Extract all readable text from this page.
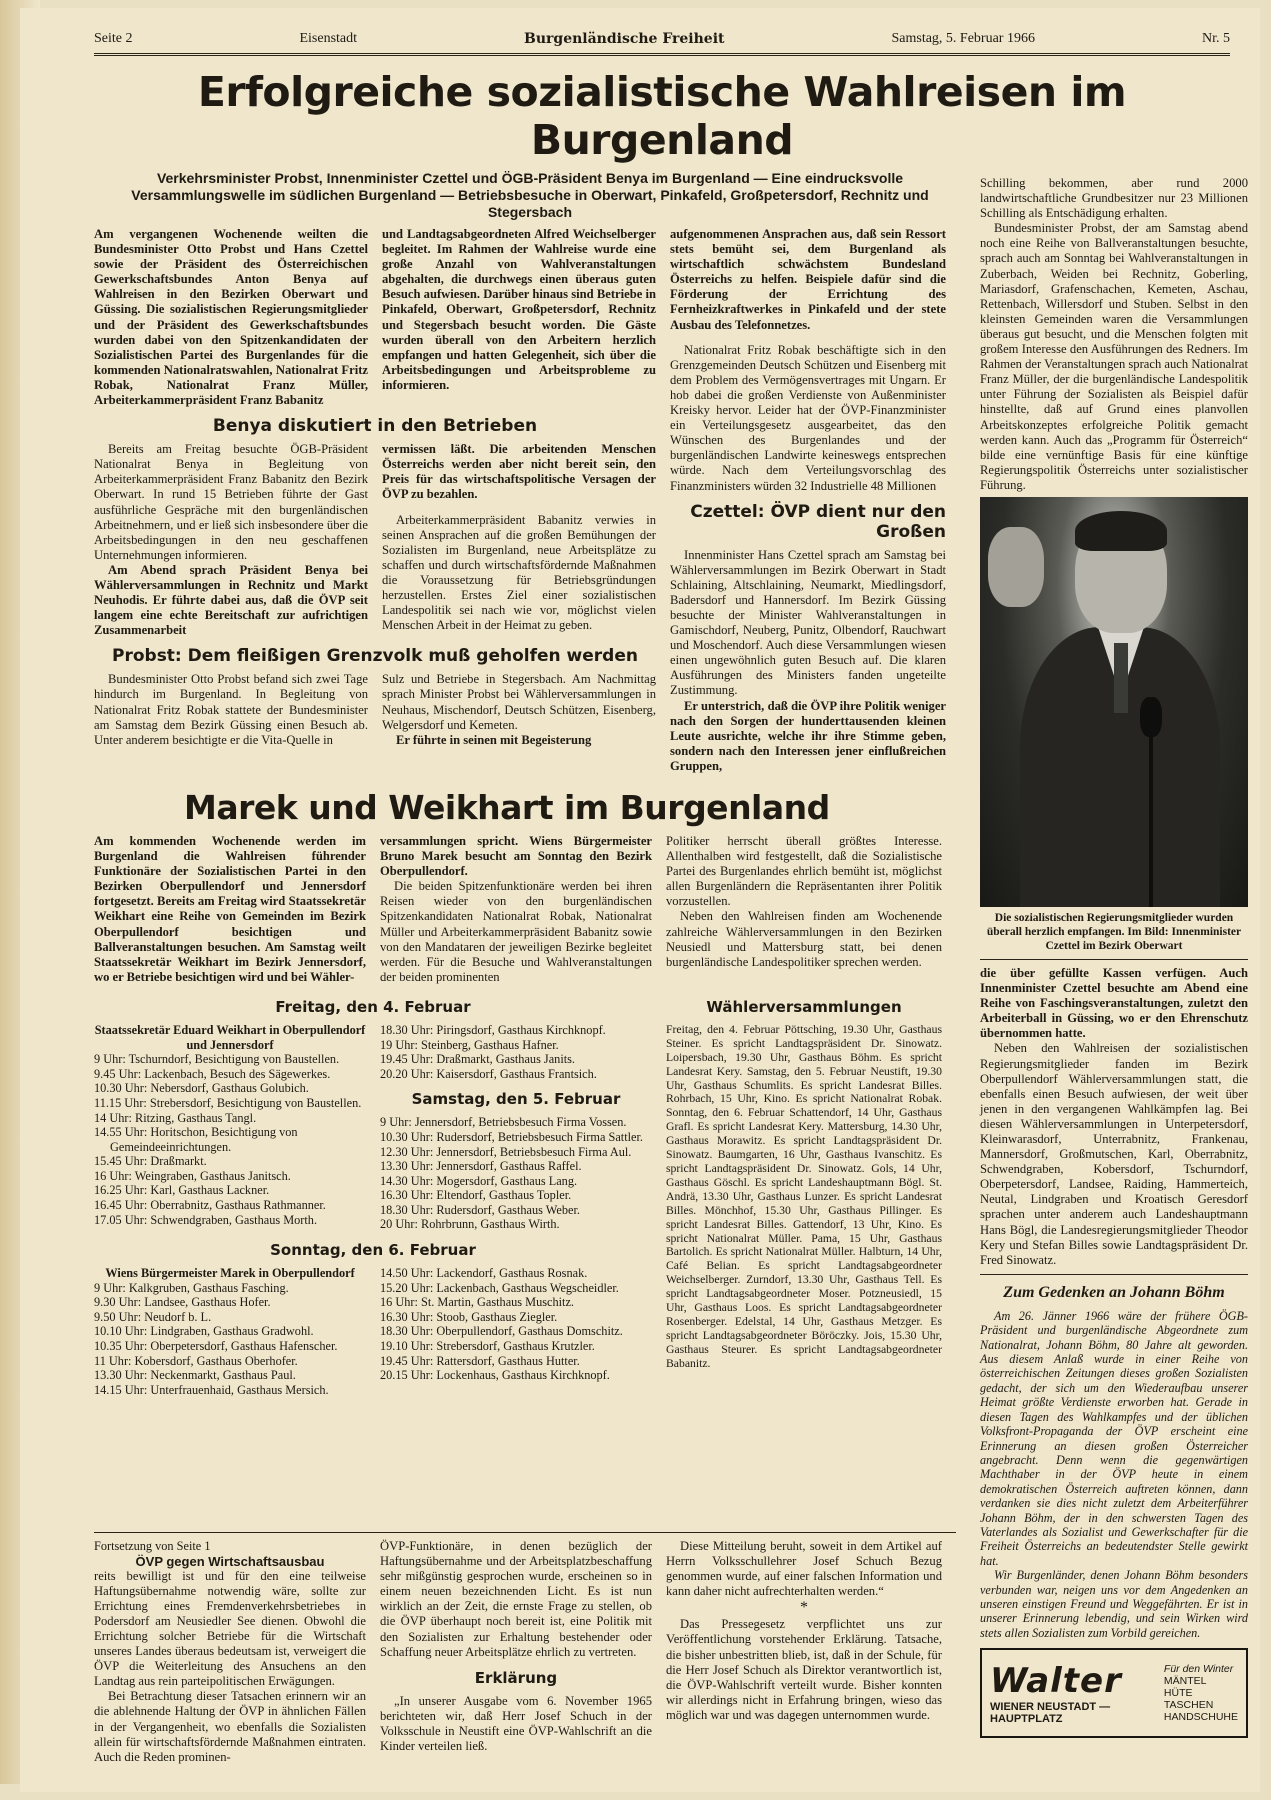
Seite 2	Eisenstadt	Burgenländische Freiheit	Samstag, 5. Februar 1966	Nr. 5
Erfolgreiche sozialistische Wahlreisen im Burgenland
Verkehrsminister Probst, Innenminister Czettel und ÖGB-Präsident Benya im Burgenland — Eine eindrucksvolle Versammlungswelle im südlichen Burgenland — Betriebsbesuche in Oberwart, Pinkafeld, Großpetersdorf, Rechnitz und Stegersbach
Am vergangenen Wochenende weilten die Bundesminister Otto Probst und Hans Czettel sowie der Präsident des Österreichischen Gewerkschaftsbundes Anton Benya auf Wahlreisen in den Bezirken Oberwart und Güssing. Die sozialistischen Regierungsmitglieder und der Präsident des Gewerkschaftsbundes wurden dabei von den Spitzenkandidaten der Sozialistischen Partei des Burgenlandes für die kommenden Nationalratswahlen, Nationalrat Fritz Robak, Nationalrat Franz Müller, Arbeiterkammerpräsident Franz Babanitz
und Landtagsabgeordneten Alfred Weichselberger begleitet. Im Rahmen der Wahlreise wurde eine große Anzahl von Wahlveranstaltungen abgehalten, die durchwegs einen überaus guten Besuch aufwiesen. Darüber hinaus sind Betriebe in Pinkafeld, Oberwart, Großpetersdorf, Rechnitz und Stegersbach besucht worden. Die Gäste wurden überall von den Arbeitern herzlich empfangen und hatten Gelegenheit, sich über die Arbeitsbedingungen und Arbeitsprobleme zu informieren.
Benya diskutiert in den Betrieben

Bereits am Freitag besuchte ÖGB-Präsident Nationalrat Benya in Begleitung von Arbeiterkammerpräsident Franz Babanitz den Bezirk Oberwart. In rund 15 Betrieben führte der Gast ausführliche Gespräche mit den burgenländischen Arbeitnehmern, und er ließ sich insbesondere über die Arbeitsbedingungen in den neu geschaffenen Unternehmungen informieren.

Am Abend sprach Präsident Benya bei Wählerversammlungen in Rechnitz und Markt Neuhodis. Er führte dabei aus, daß die ÖVP seit langem eine echte Bereitschaft zur aufrichtigen Zusammenarbeit

vermissen läßt. Die arbeitenden Menschen Österreichs werden aber nicht bereit sein, den Preis für das wirtschaftspolitische Versagen der ÖVP zu bezahlen.

Arbeiterkammerpräsident Babanitz verwies in seinen Ansprachen auf die großen Bemühungen der Sozialisten im Burgenland, neue Arbeitsplätze zu schaffen und durch wirtschaftsfördernde Maßnahmen die Voraussetzung für Betriebsgründungen herzustellen. Erstes Ziel einer sozialistischen Landespolitik sei nach wie vor, möglichst vielen Menschen Arbeit in der Heimat zu geben.

Probst: Dem fleißigen Grenzvolk muß geholfen werden

Bundesminister Otto Probst befand sich zwei Tage hindurch im Burgenland. In Begleitung von Nationalrat Fritz Robak stattete der Bundesminister am Samstag dem Bezirk Güssing einen Besuch ab. Unter anderem besichtigte er die Vita-Quelle in

Sulz und Betriebe in Stegersbach. Am Nachmittag sprach Minister Probst bei Wählerversammlungen in Neuhaus, Mischendorf, Deutsch Schützen, Eisenberg, Welgersdorf und Kemeten.

Er führte in seinen mit Begeisterung

aufgenommenen Ansprachen aus, daß sein Ressort stets bemüht sei, dem Burgenland als wirtschaftlich schwächstem Bundesland Österreichs zu helfen. Beispiele dafür sind die Förderung der Errichtung des Fernheizkraftwerkes in Pinkafeld und der stete Ausbau des Telefonnetzes.

Nationalrat Fritz Robak beschäftigte sich in den Grenzgemeinden Deutsch Schützen und Eisenberg mit dem Problem des Vermögensvertrages mit Ungarn. Er hob dabei die großen Verdienste von Außenminister Kreisky hervor. Leider hat der ÖVP-Finanzminister ein Verteilungsgesetz ausgearbeitet, das den Wünschen des Burgenlandes und der burgenländischen Landwirte keineswegs entsprechen würde. Nach dem Verteilungsvorschlag des Finanzministers würden 32 Industrielle 48 Millionen

Czettel: ÖVP dient nur den Großen

Innenminister Hans Czettel sprach am Samstag bei Wählerversammlungen im Bezirk Oberwart in Stadt Schlaining, Altschlaining, Neumarkt, Miedlingsdorf, Badersdorf und Hannersdorf. Im Bezirk Güssing besuchte der Minister Wahlveranstaltungen in Gamischdorf, Neuberg, Punitz, Olbendorf, Rauchwart und Moschendorf. Auch diese Versammlungen wiesen einen ungewöhnlich guten Besuch auf. Die klaren Ausführungen des Ministers fanden ungeteilte Zustimmung.

Er unterstrich, daß die ÖVP ihre Politik weniger nach den Sorgen der hunderttausenden kleinen Leute ausrichte, welche ihr ihre Stimme geben, sondern nach den Interessen jener einflußreichen Gruppen,

Schilling bekommen, aber rund 2000 landwirtschaftliche Grundbesitzer nur 23 Millionen Schilling als Entschädigung erhalten.

Bundesminister Probst, der am Samstag abend noch eine Reihe von Ballveranstaltungen besuchte, sprach auch am Sonntag bei Wahlveranstaltungen in Zuberbach, Weiden bei Rechnitz, Goberling, Mariasdorf, Grafenschachen, Kemeten, Aschau, Rettenbach, Willersdorf und Stuben. Selbst in den kleinsten Gemeinden waren die Versammlungen überaus gut besucht, und die Menschen folgten mit großem Interesse den Ausführungen des Redners. Im Rahmen der Veranstaltungen sprach auch Nationalrat Franz Müller, der die burgenländische Landespolitik unter Führung der Sozialisten als Beispiel dafür hinstellte, daß auf Grund eines planvollen Arbeitskonzeptes erfolgreiche Politik gemacht werden kann. Auch das „Programm für Österreich“ bilde eine vernünftige Basis für eine künftige Regierungspolitik Österreichs unter sozialistischer Führung.

Die sozialistischen Regierungsmitglieder wurden überall herzlich empfangen. Im Bild: Innenminister Czettel im Bezirk Oberwart

die über gefüllte Kassen verfügen. Auch Innenminister Czettel besuchte am Abend eine Reihe von Faschingsveranstaltungen, zuletzt den Arbeiterball in Güssing, wo er den Ehrenschutz übernommen hatte.

Neben den Wahlreisen der sozialistischen Regierungsmitglieder fanden im Bezirk Oberpullendorf Wählerversammlungen statt, die ebenfalls einen Besuch aufwiesen, der weit über jenen in den vergangenen Wahlkämpfen lag. Bei diesen Wählerversammlungen in Unterpetersdorf, Kleinwarasdorf, Unterrabnitz, Frankenau, Mannersdorf, Großmutschen, Karl, Oberrabnitz, Schwendgraben, Kobersdorf, Tschurndorf, Oberpetersdorf, Landsee, Raiding, Hammerteich, Neutal, Lindgraben und Kroatisch Geresdorf sprachen unter anderem auch Landeshauptmann Hans Bögl, die Landesregierungsmitglieder Theodor Kery und Stefan Billes sowie Landtagspräsident Dr. Fred Sinowatz.

Zum Gedenken an Johann Böhm

Am 26. Jänner 1966 wäre der frühere ÖGB-Präsident und burgenländische Abgeordnete zum Nationalrat, Johann Böhm, 80 Jahre alt geworden. Aus diesem Anlaß wurde in einer Reihe von österreichischen Zeitungen dieses großen Sozialisten gedacht, der sich um den Wiederaufbau unserer Heimat größte Verdienste erworben hat. Gerade in diesen Tagen des Wahlkampfes und der üblichen Volksfront-Propaganda der ÖVP erscheint eine Erinnerung an diesen großen Österreicher angebracht. Denn wenn die gegenwärtigen Machthaber in der ÖVP heute in einem demokratischen Österreich auftreten können, dann verdanken sie dies nicht zuletzt dem Arbeiterführer Johann Böhm, der in den schwersten Tagen des Vaterlandes als Sozialist und Gewerkschafter für die Freiheit Österreichs an bedeutendster Stelle gewirkt hat.

Wir Burgenländer, denen Johann Böhm besonders verbunden war, neigen uns vor dem Angedenken an unseren einstigen Freund und Weggefährten. Er ist in unserer Erinnerung lebendig, und sein Wirken wird stets allen Sozialisten zum Vorbild gereichen.

Walter
WIENER NEUSTADT — HAUPTPLATZ
Für den Winter
MÄNTEL
HÜTE
TASCHEN
HANDSCHUHE
Marek und Weikhart im Burgenland

Am kommenden Wochenende werden im Burgenland die Wahlreisen führender Funktionäre der Sozialistischen Partei in den Bezirken Oberpullendorf und Jennersdorf fortgesetzt. Bereits am Freitag wird Staatssekretär Weikhart eine Reihe von Gemeinden im Bezirk Oberpullendorf besichtigen und Ballveranstaltungen besuchen. Am Samstag weilt Staatssekretär Weikhart im Bezirk Jennersdorf, wo er Betriebe besichtigen wird und bei Wähler-

versammlungen spricht. Wiens Bürgermeister Bruno Marek besucht am Sonntag den Bezirk Oberpullendorf.

Die beiden Spitzenfunktionäre werden bei ihren Reisen wieder von den burgenländischen Spitzenkandidaten Nationalrat Robak, Nationalrat Müller und Arbeiterkammerpräsident Babanitz sowie von den Mandataren der jeweiligen Bezirke begleitet werden. Für die Besuche und Wahlveranstaltungen der beiden prominenten

Politiker herrscht überall größtes Interesse. Allenthalben wird festgestellt, daß die Sozialistische Partei des Burgenlandes ehrlich bemüht ist, möglichst allen Burgenländern die Repräsentanten ihrer Politik vorzustellen.

Neben den Wahlreisen finden am Wochenende zahlreiche Wählerversammlungen in den Bezirken Neusiedl und Mattersburg statt, bei denen burgenländische Landespolitiker sprechen werden.

Freitag, den 4. Februar
Staatssekretär Eduard Weikhart in Oberpullendorf und Jennersdorf
9 Uhr: Tschurndorf, Besichtigung von Baustellen.
9.45 Uhr: Lackenbach, Besuch des Sägewerkes.
10.30 Uhr: Nebersdorf, Gasthaus Golubich.
11.15 Uhr: Strebersdorf, Besichtigung von Baustellen.
14 Uhr: Ritzing, Gasthaus Tangl.
14.55 Uhr: Horitschon, Besichtigung von Gemeindeeinrichtungen.
15.45 Uhr: Draßmarkt.
16 Uhr: Weingraben, Gasthaus Janitsch.
16.25 Uhr: Karl, Gasthaus Lackner.
16.45 Uhr: Oberrabnitz, Gasthaus Rathmanner.
17.05 Uhr: Schwendgraben, Gasthaus Morth.
18.30 Uhr: Piringsdorf, Gasthaus Kirchknopf.
19 Uhr: Steinberg, Gasthaus Hafner.
19.45 Uhr: Draßmarkt, Gasthaus Janits.
20.20 Uhr: Kaisersdorf, Gasthaus Frantsich.
Samstag, den 5. Februar
9 Uhr: Jennersdorf, Betriebsbesuch Firma Vossen.
10.30 Uhr: Rudersdorf, Betriebsbesuch Firma Sattler.
12.30 Uhr: Jennersdorf, Betriebsbesuch Firma Aul.
13.30 Uhr: Jennersdorf, Gasthaus Raffel.
14.30 Uhr: Mogersdorf, Gasthaus Lang.
16.30 Uhr: Eltendorf, Gasthaus Topler.
18.30 Uhr: Rudersdorf, Gasthaus Weber.
20 Uhr: Rohrbrunn, Gasthaus Wirth.
Sonntag, den 6. Februar
Wiens Bürgermeister Marek in Oberpullendorf
9 Uhr: Kalkgruben, Gasthaus Fasching.
9.30 Uhr: Landsee, Gasthaus Hofer.
9.50 Uhr: Neudorf b. L.
10.10 Uhr: Lindgraben, Gasthaus Gradwohl.
10.35 Uhr: Oberpetersdorf, Gasthaus Hafenscher.
11 Uhr: Kobersdorf, Gasthaus Oberhofer.
13.30 Uhr: Neckenmarkt, Gasthaus Paul.
14.15 Uhr: Unterfrauenhaid, Gasthaus Mersich.
14.50 Uhr: Lackendorf, Gasthaus Rosnak.
15.20 Uhr: Lackenbach, Gasthaus Wegscheidler.
16 Uhr: St. Martin, Gasthaus Muschitz.
16.30 Uhr: Stoob, Gasthaus Ziegler.
18.30 Uhr: Oberpullendorf, Gasthaus Domschitz.
19.10 Uhr: Strebersdorf, Gasthaus Krutzler.
19.45 Uhr: Rattersdorf, Gasthaus Hutter.
20.15 Uhr: Lockenhaus, Gasthaus Kirchknopf.
Wählerversammlungen

Freitag, den 4. Februar Pöttsching, 19.30 Uhr, Gasthaus Steiner. Es spricht Landtagspräsident Dr. Sinowatz. Loipersbach, 19.30 Uhr, Gasthaus Böhm. Es spricht Landesrat Kery. Samstag, den 5. Februar Neustift, 19.30 Uhr, Gasthaus Schumlits. Es spricht Landesrat Billes. Rohrbach, 15 Uhr, Kino. Es spricht Nationalrat Robak. Sonntag, den 6. Februar Schattendorf, 14 Uhr, Gasthaus Grafl. Es spricht Landesrat Kery. Mattersburg, 14.30 Uhr, Gasthaus Morawitz. Es spricht Landtagspräsident Dr. Sinowatz. Baumgarten, 16 Uhr, Gasthaus Ivanschitz. Es spricht Landtagspräsident Dr. Sinowatz. Gols, 14 Uhr, Gasthaus Göschl. Es spricht Landeshauptmann Bögl. St. Andrä, 13.30 Uhr, Gasthaus Lunzer. Es spricht Landesrat Billes. Mönchhof, 15.30 Uhr, Gasthaus Pillinger. Es spricht Landesrat Billes. Gattendorf, 13 Uhr, Kino. Es spricht Nationalrat Müller. Pama, 15 Uhr, Gasthaus Bartolich. Es spricht Nationalrat Müller. Halbturn, 14 Uhr, Café Belian. Es spricht Landtagsabgeordneter Weichselberger. Zurndorf, 13.30 Uhr, Gasthaus Tell. Es spricht Landtagsabgeordneter Moser. Potzneusiedl, 15 Uhr, Gasthaus Loos. Es spricht Landtagsabgeordneter Rosenberger. Edelstal, 14 Uhr, Gasthaus Metzger. Es spricht Landtagsabgeordneter Böröczky. Jois, 15.30 Uhr, Gasthaus Steurer. Es spricht Landtagsabgeordneter Babanitz.

Fortsetzung von Seite 1
ÖVP gegen Wirtschaftsausbau

reits bewilligt ist und für den eine teilweise Haftungsübernahme notwendig wäre, sollte zur Errichtung eines Fremdenverkehrsbetriebes in Podersdorf am Neusiedler See dienen. Obwohl die Errichtung solcher Betriebe für die Wirtschaft unseres Landes überaus bedeutsam ist, verweigert die ÖVP die Weiterleitung des Ansuchens an den Landtag aus rein parteipolitischen Erwägungen.

Bei Betrachtung dieser Tatsachen erinnern wir an die ablehnende Haltung der ÖVP in ähnlichen Fällen in der Vergangenheit, wo ebenfalls die Sozialisten allein für wirtschaftsfördernde Maßnahmen eintraten. Auch die Reden prominen-

ÖVP-Funktionäre, in denen bezüglich der Haftungsübernahme und der Arbeitsplatzbeschaffung sehr mißgünstig gesprochen wurde, erscheinen so in einem neuen bezeichnenden Licht. Es ist nun wirklich an der Zeit, die ernste Frage zu stellen, ob die ÖVP überhaupt noch bereit ist, eine Politik mit den Sozialisten zur Erhaltung bestehender oder Schaffung neuer Arbeitsplätze ehrlich zu vertreten.

Erklärung

„In unserer Ausgabe vom 6. November 1965 berichteten wir, daß Herr Josef Schuch in der Volksschule in Neustift eine ÖVP-Wahlschrift an die Kinder verteilen ließ.

Diese Mitteilung beruht, soweit in dem Artikel auf Herrn Volksschullehrer Josef Schuch Bezug genommen wurde, auf einer falschen Information und kann daher nicht aufrechterhalten werden.“

*

Das Pressegesetz verpflichtet uns zur Veröffentlichung vorstehender Erklärung. Tatsache, die bisher unbestritten blieb, ist, daß in der Schule, für die Herr Josef Schuch als Direktor verantwortlich ist, die ÖVP-Wahlschrift verteilt wurde. Bisher konnten wir allerdings nicht in Erfahrung bringen, wieso das möglich war und was dagegen unternommen wurde.
